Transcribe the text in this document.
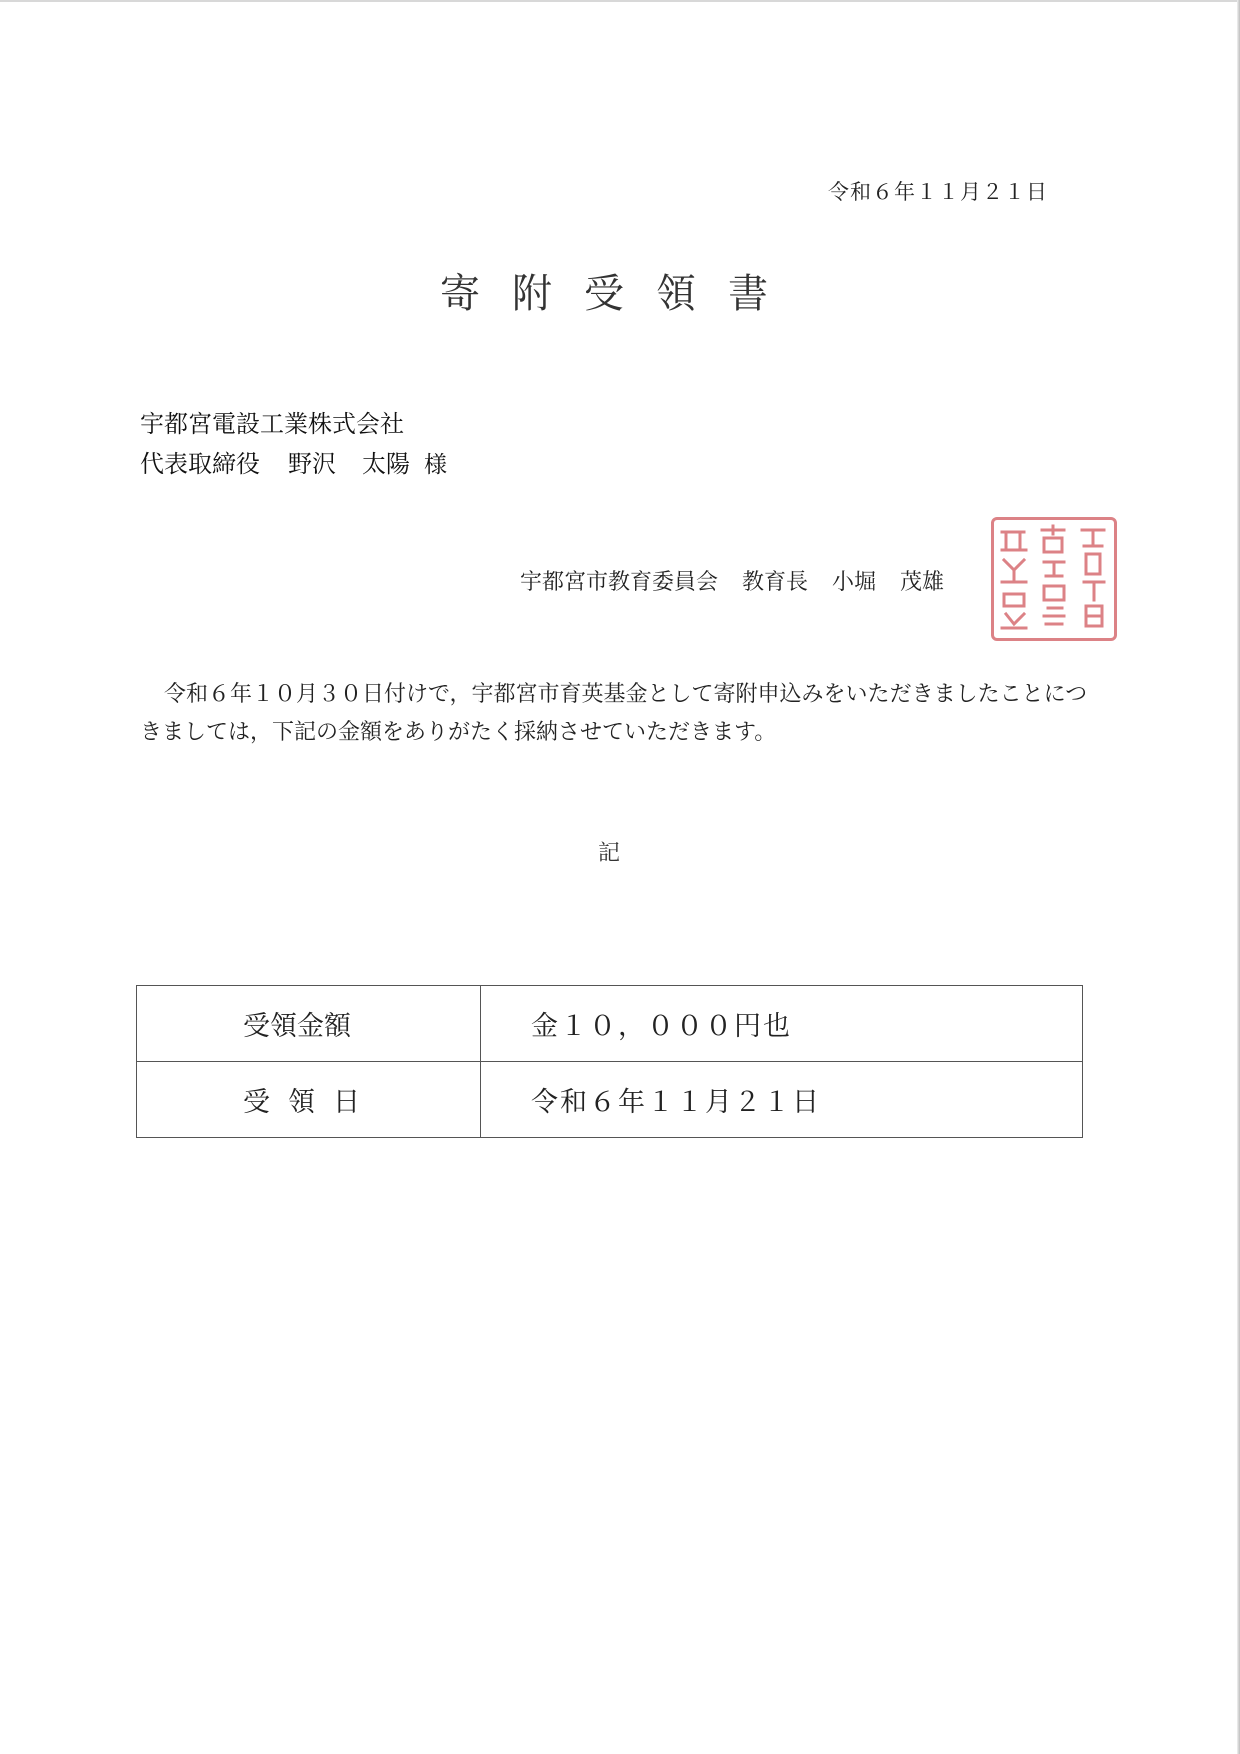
令和６年１１月２１日
寄附受領書
宇都宮電設工業株式会社
代表取締役 野沢 太陽 様
宇都宮市教育委員会 教育長 小堀 茂雄
令和６年１０月３０日付けで，宇都宮市育英基金として寄附申込みをいただきましたことにつきましては，下記の金額をありがたく採納させていただきます。
記
受領金額	金１０，０００円也
受領日	令和６年１１月２１日
